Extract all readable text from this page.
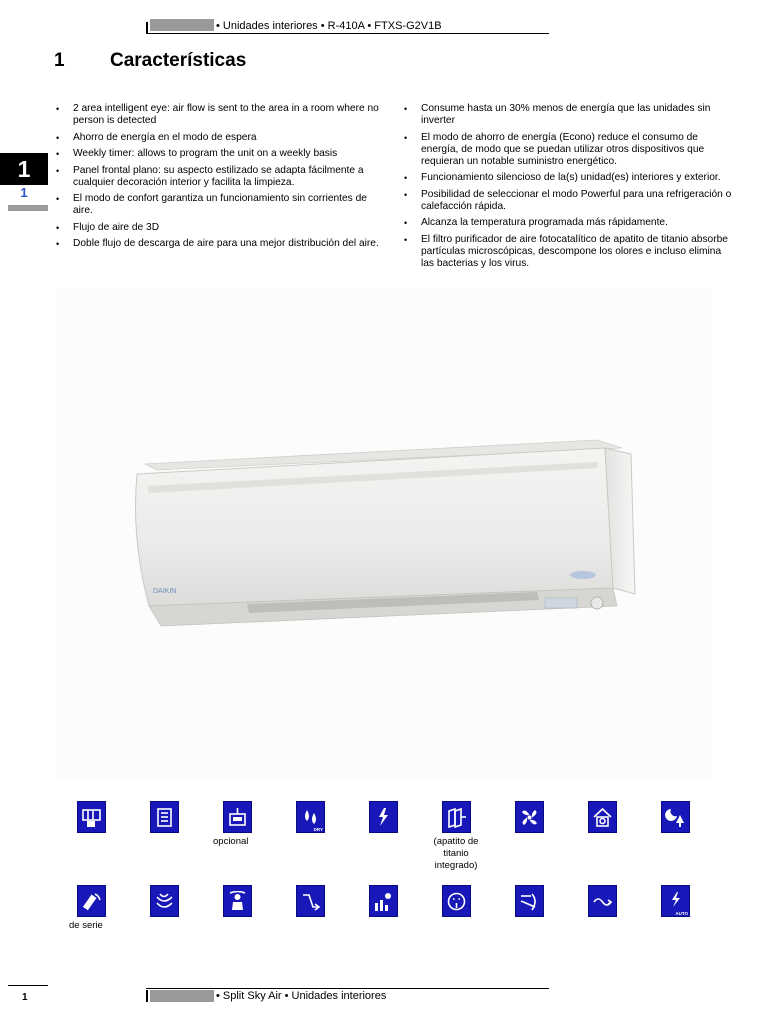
• Unidades interiores • R-410A • FTXS-G2V1B
1 Características
1
1
• 2 area intelligent eye: air flow is sent to the area in a room where no person is detected
• Ahorro de energía en el modo de espera
• Weekly timer: allows to program the unit on a weekly basis
• Panel frontal plano: su aspecto estilizado se adapta fácilmente a cualquier decoración interior y facilita la limpieza.
• El modo de confort garantiza un funcionamiento sin corrientes de aire.
• Flujo de aire de 3D
• Doble flujo de descarga de aire para una mejor distribución del aire.
• Consume hasta un 30% menos de energía que las unidades sin inverter
• El modo de ahorro de energía (Econo) reduce el consumo de energía, de modo que se puedan utilizar otros dispositivos que requieran un notable suministro energético.
• Funcionamiento silencioso de la(s) unidad(es) interiores y exterior.
• Posibilidad de seleccionar el modo Powerful para una refrigeración o calefacción rápida.
• Alcanza la temperatura programada más rápidamente.
• El filtro purificador de aire fotocatalítico de apatito de titanio absorbe partículas microscópicas, descompone los olores e incluso elimina las bacterias y los virus.
DAIKIN
opcional
DRY
(apatito de titanio integrado)
de serie
AUTO
1	• Split Sky Air • Unidades interiores
